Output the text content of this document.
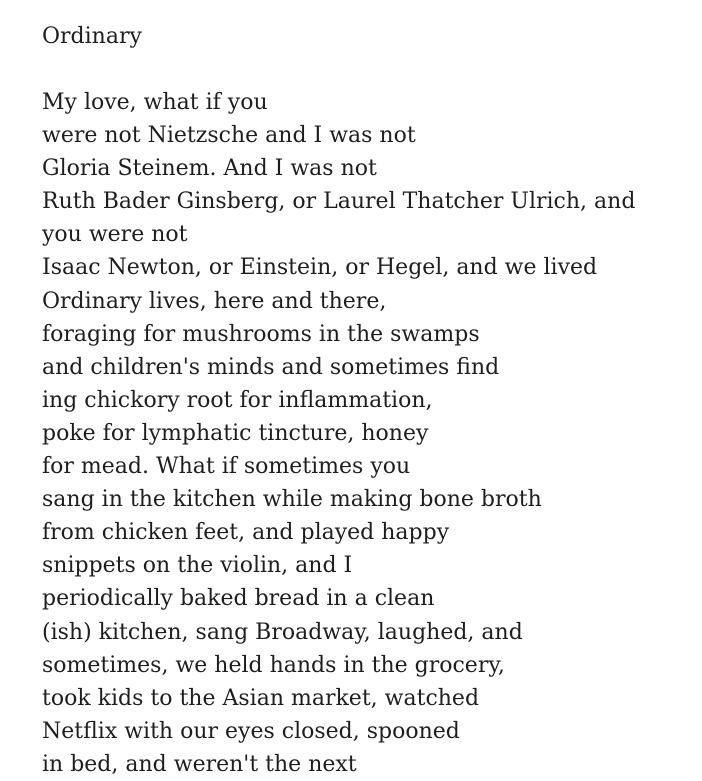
Ordinary
My love, what if you
were not Nietzsche and I was not
Gloria Steinem. And I was not
Ruth Bader Ginsberg, or Laurel Thatcher Ulrich, and
you were not
Isaac Newton, or Einstein, or Hegel, and we lived
Ordinary lives, here and there,
foraging for mushrooms in the swamps
and children's minds and sometimes find
ing chickory root for inflammation,
poke for lymphatic tincture, honey
for mead. What if sometimes you
sang in the kitchen while making bone broth
from chicken feet, and played happy
snippets on the violin, and I
periodically baked bread in a clean
(ish) kitchen, sang Broadway, laughed, and
sometimes, we held hands in the grocery,
took kids to the Asian market, watched
Netflix with our eyes closed, spooned
in bed, and weren't the next
